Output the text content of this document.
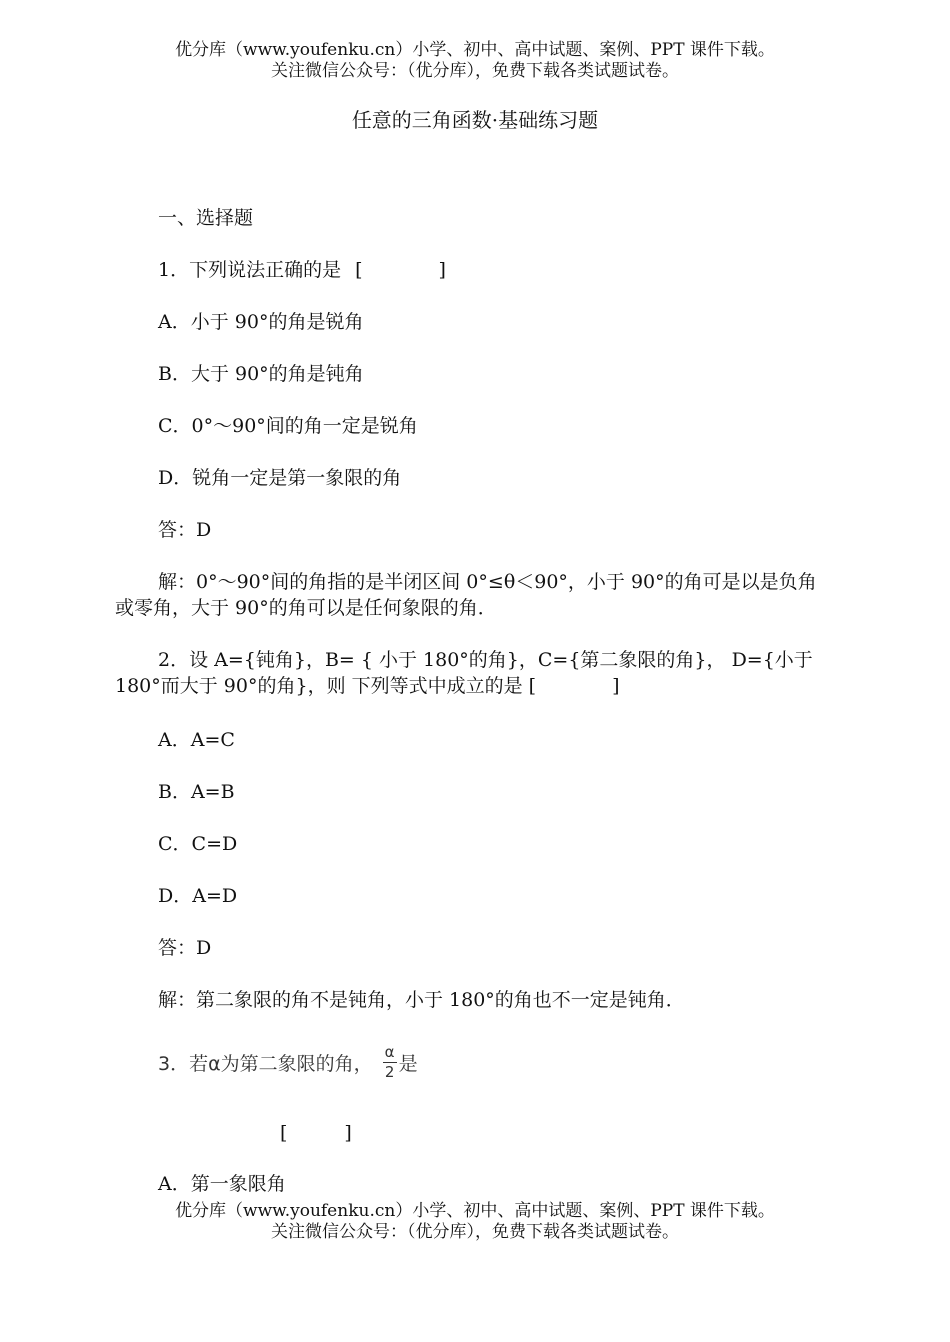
优分库（www.youfenku.cn）小学、初中、高中试题、案例、PPT 课件下载。
关注微信公众号：（优分库），免费下载各类试题试卷。
任意的三角函数·基础练习题
一、选择题
1．下列说法正确的是 [　　　　]
A．小于 90°的角是锐角
B．大于 90°的角是钝角
C．0°～90°间的角一定是锐角
D．锐角一定是第一象限的角
答：D
解：0°～90°间的角指的是半闭区间 0°≤θ＜90°，小于 90°的角可是以是负角或零角，大于 90°的角可以是任何象限的角．
2．设 A={钝角}，B= { 小于 180°的角}，C={第二象限的角}， D={小于 180°而大于 90°的角}，则 下列等式中成立的是 [　　　　]
A．A=C
B．A=B
C．C=D
D．A=D
答：D
解：第二象限的角不是钝角，小于 180°的角也不一定是钝角．
3．若α为第二象限的角， $\frac{\alpha}{2}$ 是
[　　　]
A．第一象限角
优分库（www.youfenku.cn）小学、初中、高中试题、案例、PPT 课件下载。
关注微信公众号：（优分库），免费下载各类试题试卷。
